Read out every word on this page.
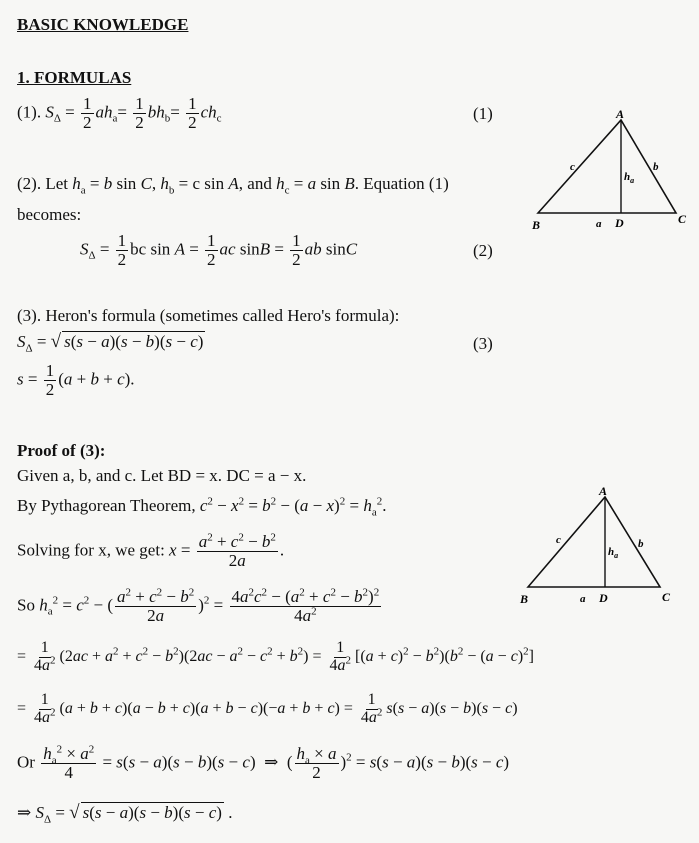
BASIC KNOWLEDGE
1. FORMULAS
(1). $S_\Delta = \frac{1}{2} ah_a= \frac{1}{2} bh_b= \frac{1}{2} ch_c$	(1)
(2). Let $h_a = b$ sin C, $h_b = c$ sin A, and $h_c = a$ sin B. Equation (1)
becomes:
$S_\Delta = \frac{1}{2}$ bc $\sin A = \frac{1}{2}$ ac $\sin B = \frac{1}{2}$ ab sinC	(2)
(3). Heron's formula (sometimes called Hero's formula):
$S_\Delta$ = √ s(s − a)(s − b)(s − c)	(3)
$s = \frac{1}{2} (a + b + c)$.
Proof of (3):
Given a, b, and c. Let BD = x. DC = a − x.
By Pythagorean Theorem, $c^2 - x^2 = b^2 - (a - x)^2 = h_a^2$.
Solving for x, we get: $x = \frac{a^2 + c^2 - b^2}{2a}$ .
So $h_a^2 = c^2$ − ( $\frac{a^2 + c^2 - b^2}{2a} )^2 = \frac{4a^2c^2 - (a^2 + c^2 - b^2)^2}{4a^2}$
= $\frac{1}{4a^2} (2ac + a^2 + c^2 - b^2)(2ac - a^2 - c^2 + b^2) = \frac{1}{4a^2} [(a + c)^2 - b^2)(b^2 - (a - c)^2]$
= $\frac{1}{4a^2} (a + b + c)(a - b + c)(a + b - c)(-a + b + c) = \frac{1}{4a^2} s(s - a)(s - b)(s - c)$
Or $\frac{h_a^2 \times a^2}{4} = s(s - a)(s - b)(s - c)$  ⇒  ( $\frac{h_a \times a}{2} )^2 = s(s - a)(s - b)(s - c)$
⇒ $S_\Delta$ = √ s(s − a)(s − b)(s − c) .
A
B	C
D
a
b
c
$h_a$
A
B	C
D
a
b
c
$h_a$
